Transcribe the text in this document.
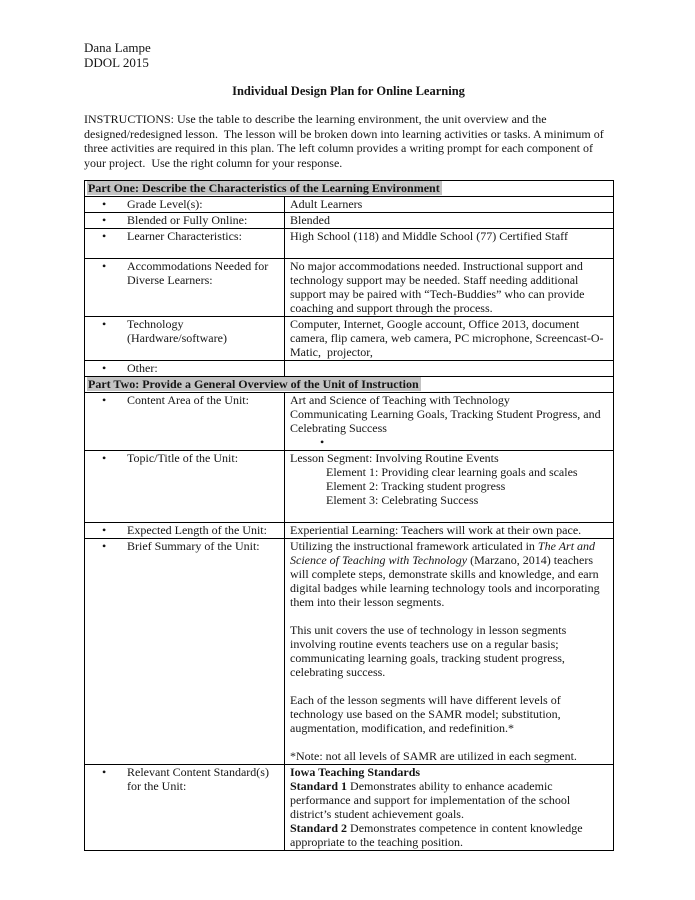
Dana Lampe
DDOL 2015
Individual Design Plan for Online Learning
INSTRUCTIONS: Use the table to describe the learning environment, the unit overview and the designed/redesigned lesson.  The lesson will be broken down into learning activities or tasks. A minimum of three activities are required in this plan. The left column provides a writing prompt for each component of your project.  Use the right column for your response.
Part One: Describe the Characteristics of the Learning Environment	

• Grade Level(s):	Adult Learners

• Blended or Fully Online:	Blended

• Learner Characteristics:	High School (118) and Middle School (77) Certified Staff

• Accommodations Needed for Diverse Learners:	No major accommodations needed. Instructional support and technology support may be needed. Staff needing additional support may be paired with “Tech-Buddies” who can provide coaching and support through the process.

• Technology (Hardware/software)	Computer, Internet, Google account, Office 2013, document camera, flip camera, web camera, PC microphone, Screencast-O-Matic,  projector,

• Other:	

Part Two: Provide a General Overview of the Unit of Instruction	

•	Content Area of the Unit:	Art and Science of Teaching with Technology
Communicating Learning Goals, Tracking Student Progress, and Celebrating Success
•

•	Topic/Title of the Unit:	Lesson Segment: Involving Routine Events
Element 1: Providing clear learning goals and scales
Element 2: Tracking student progress
Element 3: Celebrating Success

• Expected Length of the Unit:	Experiential Learning: Teachers will work at their own pace.

•	Brief Summary of the Unit:	Utilizing the instructional framework articulated in The Art and Science of Teaching with Technology (Marzano, 2014) teachers will complete steps, demonstrate skills and knowledge, and earn digital badges while learning technology tools and incorporating them into their lesson segments.
This unit covers the use of technology in lesson segments involving routine events teachers use on a regular basis; communicating learning goals, tracking student progress, celebrating success.
Each of the lesson segments will have different levels of technology use based on the SAMR model; substitution, augmentation, modification, and redefinition.*
*Note: not all levels of SAMR are utilized in each segment.

•	Relevant Content Standard(s) for the Unit:

Iowa Teaching Standards
Standard 1 Demonstrates ability to enhance academic performance and support for implementation of the school district’s student achievement goals.
Standard 2 Demonstrates competence in content knowledge appropriate to the teaching position.
